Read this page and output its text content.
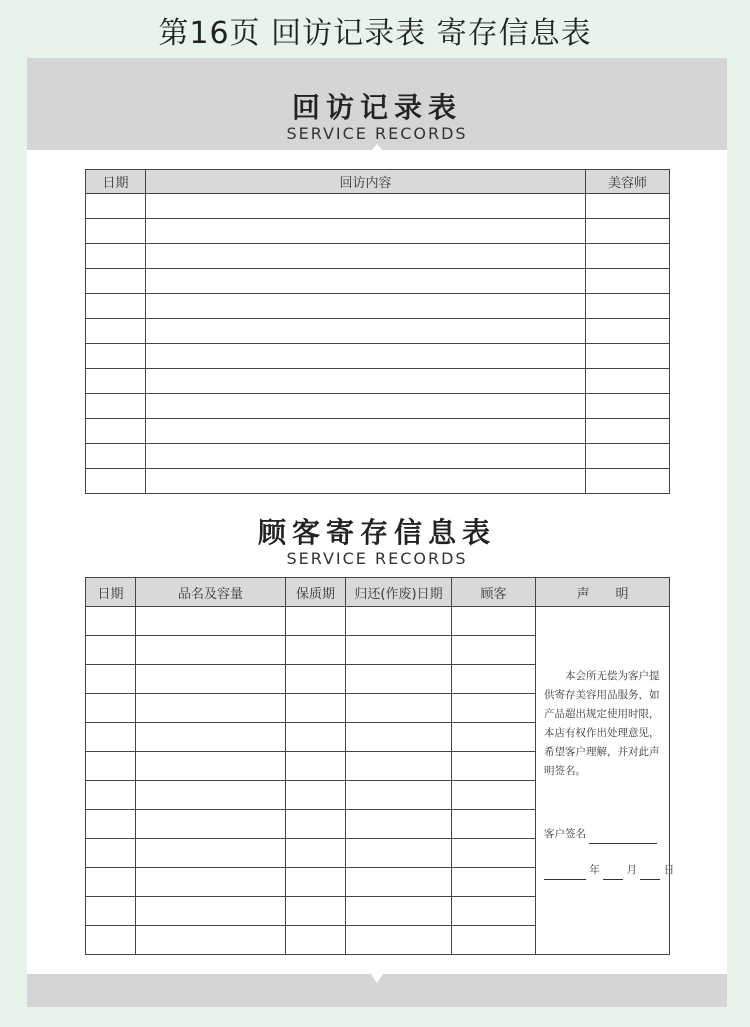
第16页 回访记录表 寄存信息表
回访记录表
SERVICE RECORDS
日期	回访内容	美容师

顾客寄存信息表
SERVICE RECORDS
日期	品名及容量	保质期	归还(作废)日期	顾客	声　　明

					本会所无偿为客户提供寄存美容用品服务，如产品超出规定使用时限，本店有权作出处理意见，希望客户理解，并对此声明签名。
客户签名
年 月 日
